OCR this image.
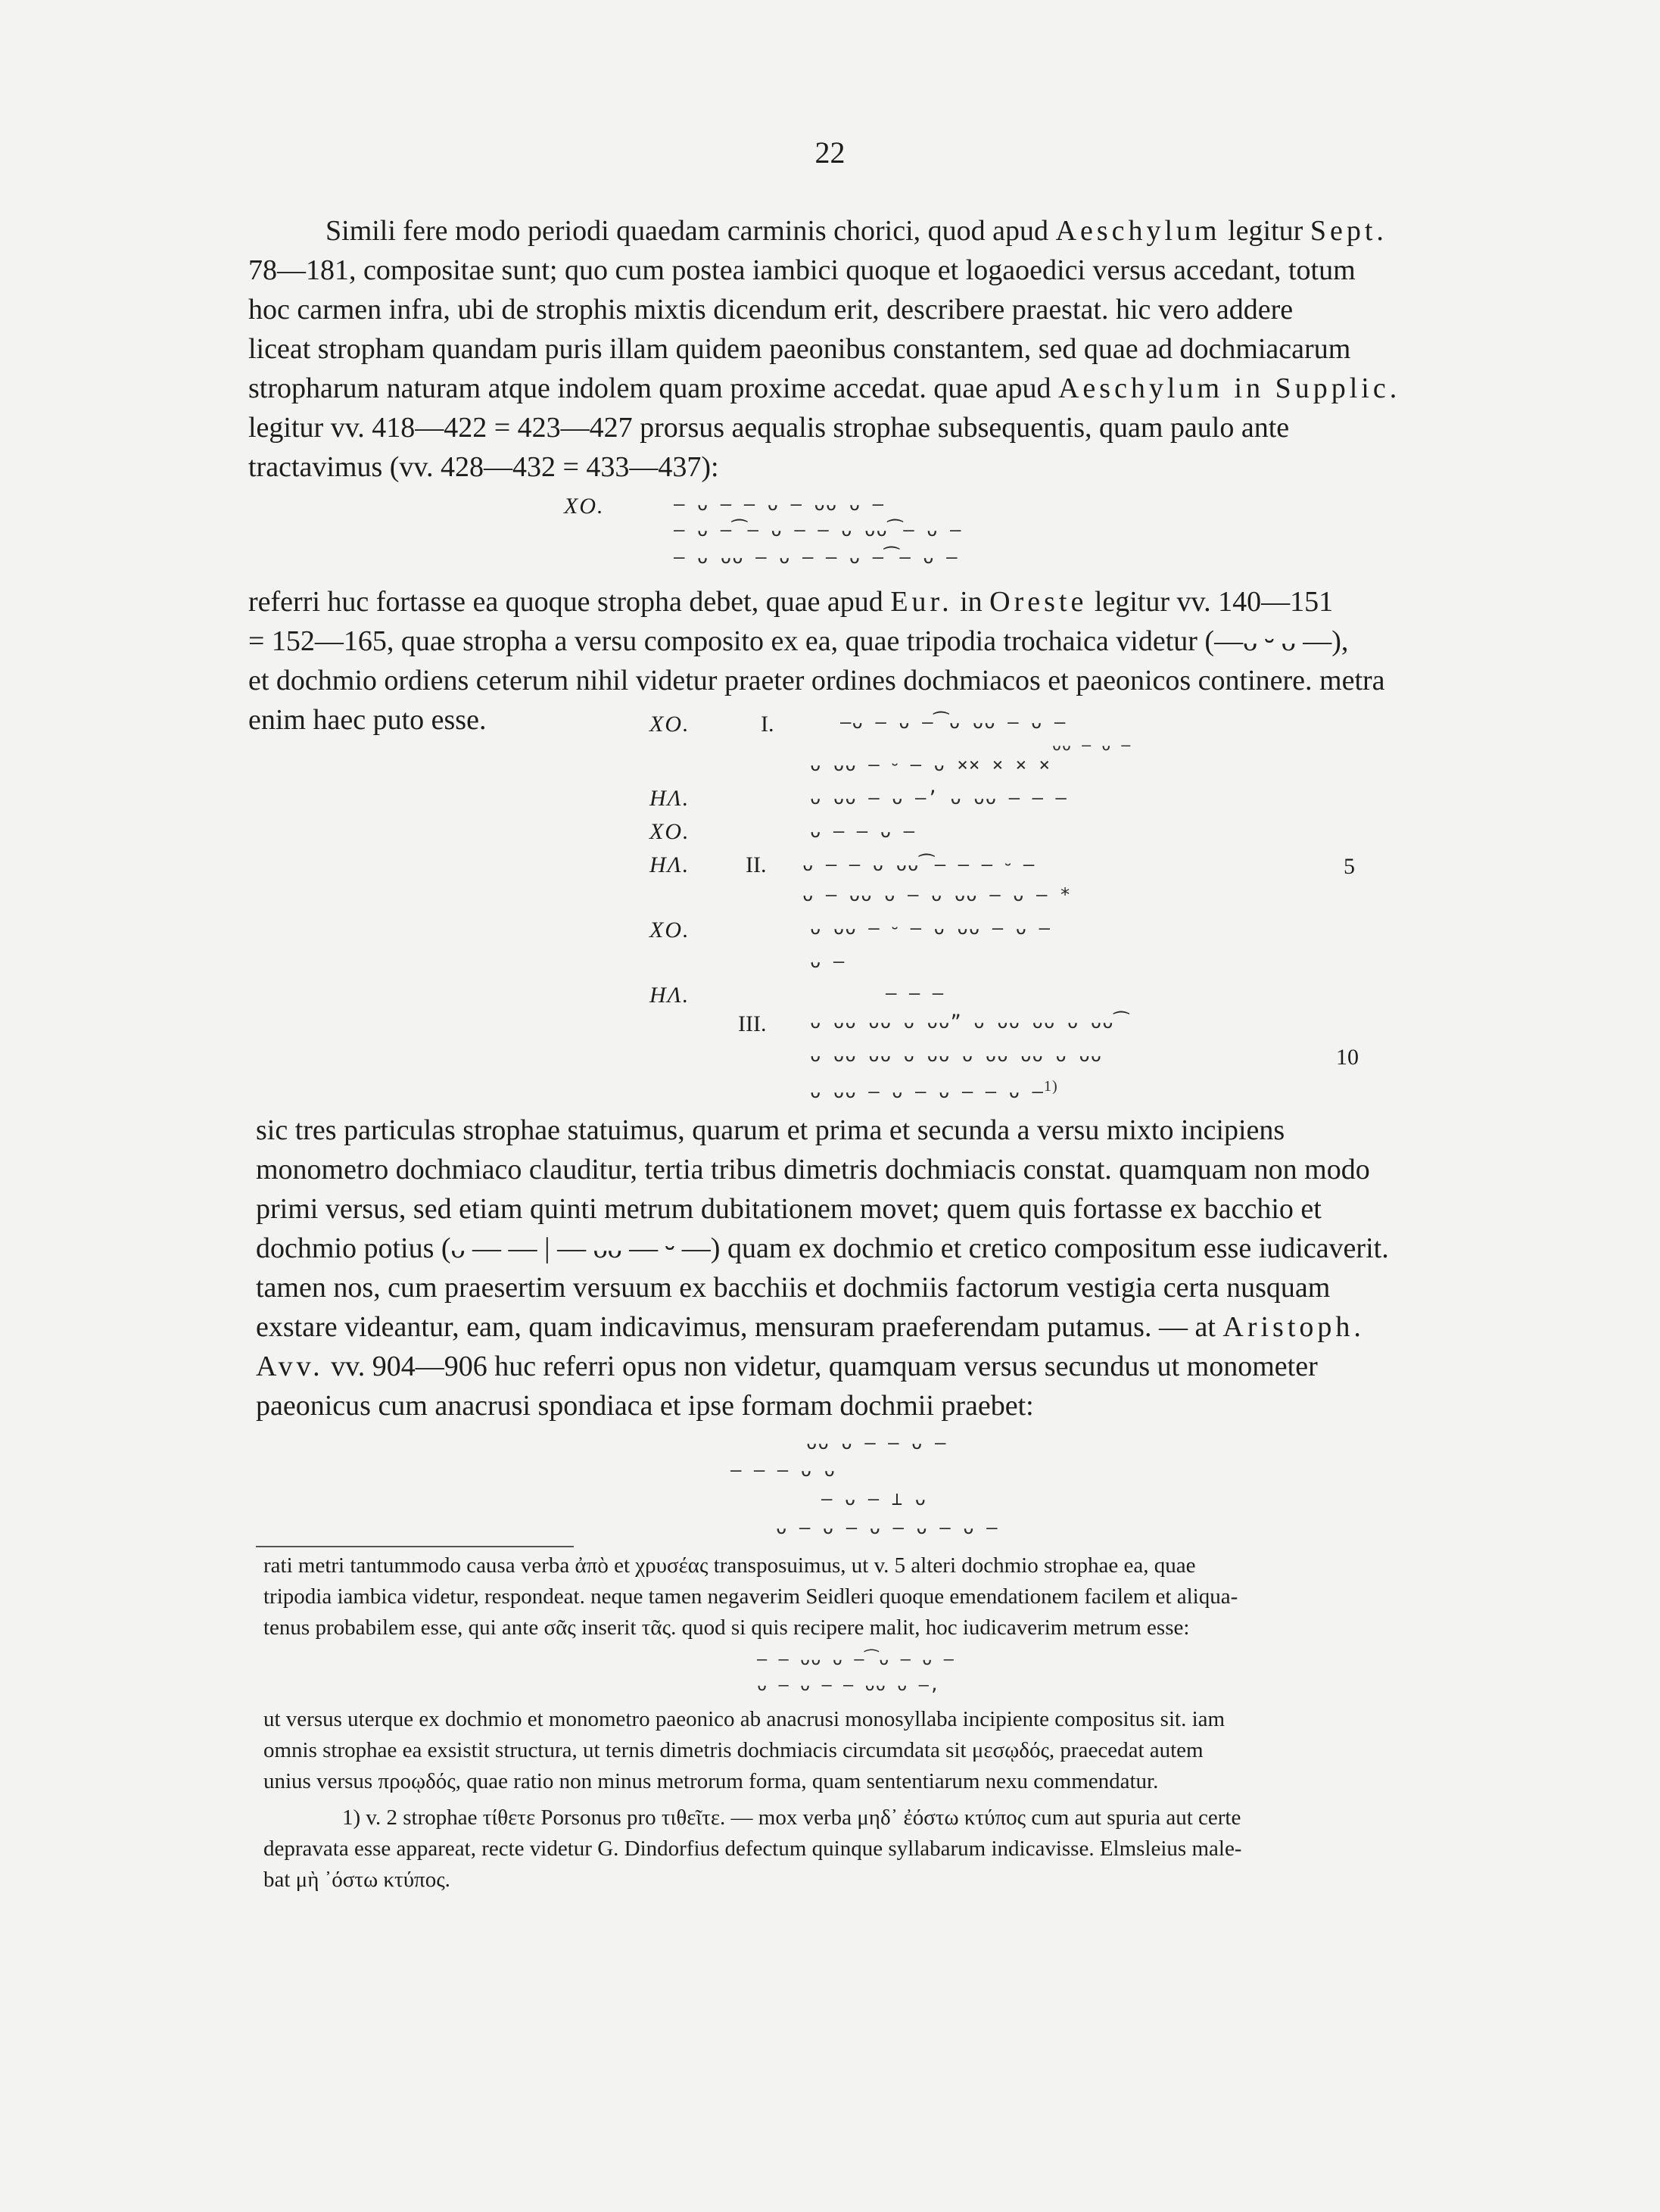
22
Simili fere modo periodi quaedam carminis chorici, quod apud Aeschylum legitur Sept.
78—181, compositae sunt; quo cum postea iambici quoque et logaoedici versus accedant, totum
hoc carmen infra, ubi de strophis mixtis dicendum erit, describere praestat. hic vero addere
liceat stropham quandam puris illam quidem paeonibus constantem, sed quae ad dochmiacarum
stropharum naturam atque indolem quam proxime accedat. quae apud Aeschylum in Supplic.
legitur vv. 418—422 = 423—427 prorsus aequalis strophae subsequentis, quam paulo ante
tractavimus (vv. 428—432 = 433—437):
ΧΟ.	— ᴗ — — ᴗ — ᴗᴗ ᴗ —
— ᴗ —⁀— ᴗ — — ᴗ ᴗᴗ⁀— ᴗ —
— ᴗ ᴗᴗ — ᴗ — — ᴗ —⁀— ᴗ —
referri huc fortasse ea quoque stropha debet, quae apud Eur. in Oreste legitur vv. 140—151
= 152—165, quae stropha a versu composito ex ea, quae tripodia trochaica videtur (—ᴗ ⏑ ᴗ —),
et dochmio ordiens ceterum nihil videtur praeter ordines dochmiacos et paeonicos continere. metra
enim haec puto esse.	ΧΟ.
ΗΛ.
ΧΟ.
ΗΛ.
ΧΟ.
ΗΛ.
I.
II.
III.
—ᴗ — ᴗ —⁀ᴗ ᴗᴗ — ᴗ —
ᴗᴗ — ᴗ —
ᴗ ᴗᴗ — ⏑ — ᴗ ×× × × ×
ᴗ ᴗᴗ — ᴗ —’ ᴗ ᴗᴗ — — —
ᴗ — — ᴗ —
ᴗ — — ᴗ ᴗᴗ⁀— — — ⏑ —
ᴗ — ᴗᴗ ᴗ — ᴗ ᴗᴗ — ᴗ — *
ᴗ ᴗᴗ — ⏑ — ᴗ ᴗᴗ — ᴗ —
ᴗ —
— — —
ᴗ ᴗᴗ ᴗᴗ ᴗ ᴗᴗ” ᴗ ᴗᴗ ᴗᴗ ᴗ ᴗᴗ⁀
ᴗ ᴗᴗ ᴗᴗ ᴗ ᴗᴗ ᴗ ᴗᴗ ᴗᴗ ᴗ ᴗᴗ
ᴗ ᴗᴗ — ᴗ — ᴗ — — ᴗ —$^{1)}$
5
10
sic tres particulas strophae statuimus, quarum et prima et secunda a versu mixto incipiens
monometro dochmiaco clauditur, tertia tribus dimetris dochmiacis constat. quamquam non modo
primi versus, sed etiam quinti metrum dubitationem movet; quem quis fortasse ex bacchio et
dochmio potius (ᴗ — — | — ᴗᴗ — ⏑ —) quam ex dochmio et cretico compositum esse iudicaverit.
tamen nos, cum praesertim versuum ex bacchiis et dochmiis factorum vestigia certa nusquam
exstare videantur, eam, quam indicavimus, mensuram praeferendam putamus. — at Aristoph.
Avv. vv. 904—906 huc referri opus non videtur, quamquam versus secundus ut monometer
paeonicus cum anacrusi spondiaca et ipse formam dochmii praebet:
ᴗᴗ ᴗ — — ᴗ —
— — — ᴗ ᴗ
— ᴗ — ⊥ ᴗ
ᴗ — ᴗ — ᴗ — ᴗ — ᴗ —
rati metri tantummodo causa verba ἀπὸ et χρυσέας transposuimus, ut v. 5 alteri dochmio strophae ea, quae
tripodia iambica videtur, respondeat. neque tamen negaverim Seidleri quoque emendationem facilem et aliqua-
tenus probabilem esse, qui ante σᾶς inserit τᾶς. quod si quis recipere malit, hoc iudicaverim metrum esse:
— — ᴗᴗ ᴗ —⁀ᴗ — ᴗ —
ᴗ — ᴗ — — ᴗᴗ ᴗ —,
ut versus uterque ex dochmio et monometro paeonico ab anacrusi monosyllaba incipiente compositus sit. iam
omnis strophae ea exsistit structura, ut ternis dimetris dochmiacis circumdata sit μεσῳδός, praecedat autem
unius versus προῳδός, quae ratio non minus metrorum forma, quam sententiarum nexu commendatur.
1) v. 2 strophae τίθετε Porsonus pro τιθεῖτε. — mox verba μηδ᾽ ἐόστω κτύπος cum aut spuria aut certe
depravata esse appareat, recte videtur G. Dindorfius defectum quinque syllabarum indicavisse. Elmsleius male-
bat μὴ ᾽όστω κτύπος.
